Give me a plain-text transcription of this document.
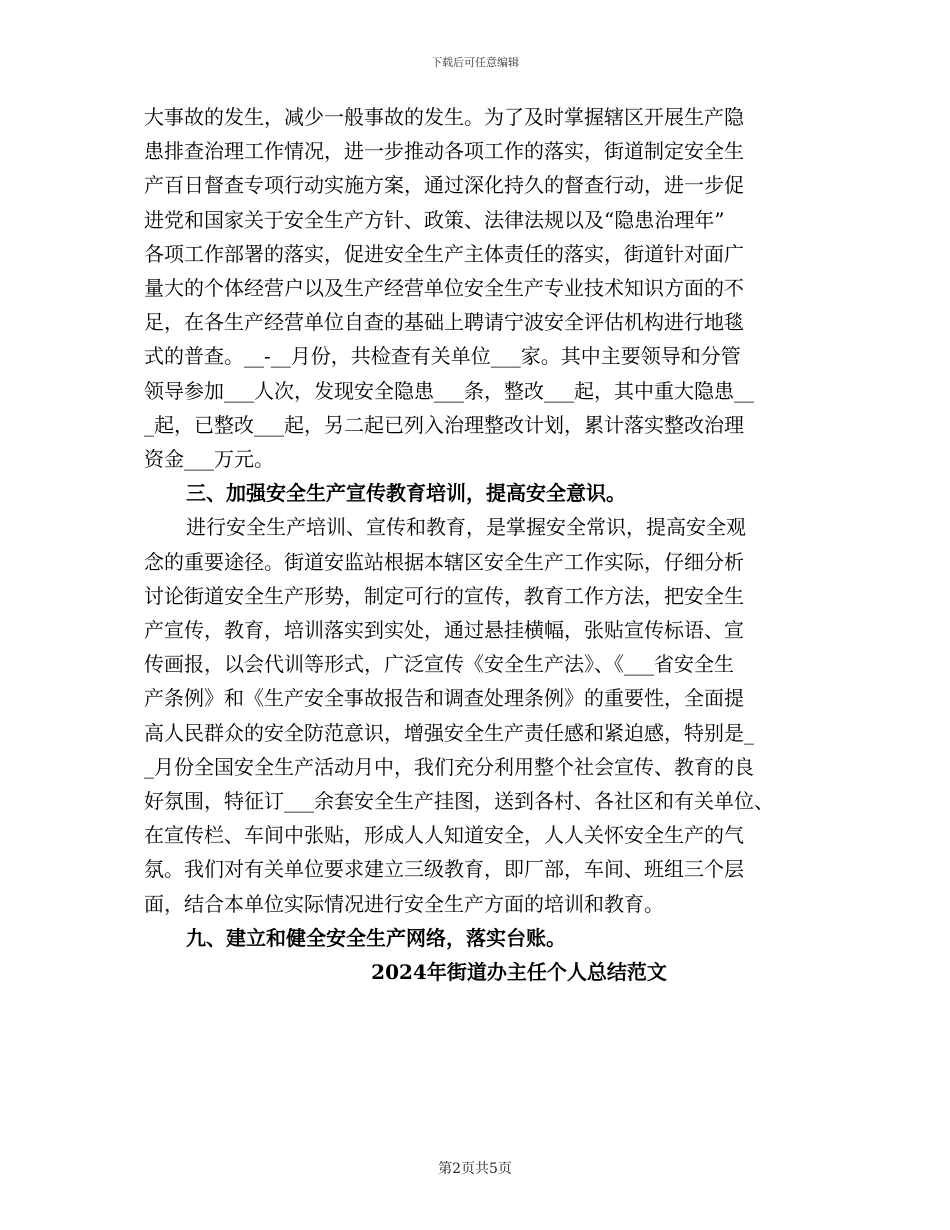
下载后可任意编辑

大事故的发生，减少一般事故的发生。为了及时掌握辖区开展生产隐
患排查治理工作情况，进一步推动各项工作的落实，街道制定安全生
产百日督查专项行动实施方案，通过深化持久的督查行动，进一步促
进党和国家关于安全生产方针、政策、法律法规以及“隐患治理年”
各项工作部署的落实，促进安全生产主体责任的落实，街道针对面广
量大的个体经营户以及生产经营单位安全生产专业技术知识方面的不
足，在各生产经营单位自查的基础上聘请宁波安全评估机构进行地毯
式的普查。__-__月份，共检查有关单位___家。其中主要领导和分管
领导参加___人次，发现安全隐患___条，整改___起，其中重大隐患__
_起，已整改___起，另二起已列入治理整改计划，累计落实整改治理
资金___万元。

三、加强安全生产宣传教育培训，提高安全意识。

进行安全生产培训、宣传和教育，是掌握安全常识，提高安全观
念的重要途径。街道安监站根据本辖区安全生产工作实际，仔细分析
讨论街道安全生产形势，制定可行的宣传，教育工作方法，把安全生
产宣传，教育，培训落实到实处，通过悬挂横幅，张贴宣传标语、宣
传画报，以会代训等形式，广泛宣传《安全生产法》、《___省安全生
产条例》和《生产安全事故报告和调查处理条例》的重要性，全面提
高人民群众的安全防范意识，增强安全生产责任感和紧迫感，特别是_
_月份全国安全生产活动月中，我们充分利用整个社会宣传、教育的良
好氛围，特征订___余套安全生产挂图，送到各村、各社区和有关单位、
在宣传栏、车间中张贴，形成人人知道安全，人人关怀安全生产的气
氛。我们对有关单位要求建立三级教育，即厂部，车间、班组三个层
面，结合本单位实际情况进行安全生产方面的培训和教育。

九、建立和健全安全生产网络，落实台账。

2024年街道办主任个人总结范文

第2页共5页
